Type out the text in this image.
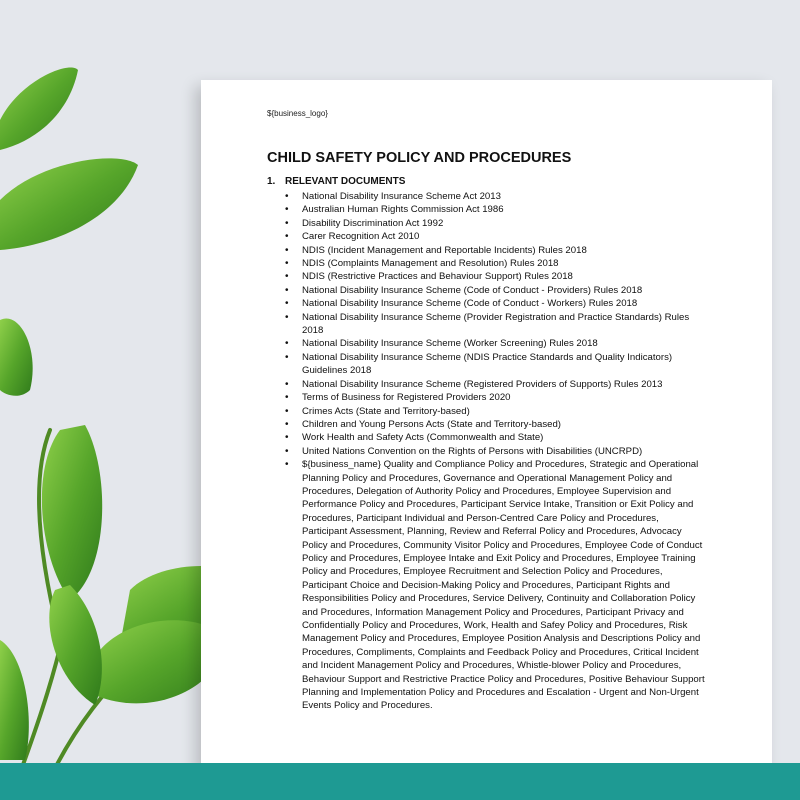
${business_logo}
CHILD SAFETY POLICY AND PROCEDURES
1. RELEVANT DOCUMENTS
• National Disability Insurance Scheme Act 2013
• Australian Human Rights Commission Act 1986
• Disability Discrimination Act 1992
• Carer Recognition Act 2010
• NDIS (Incident Management and Reportable Incidents) Rules 2018
• NDIS (Complaints Management and Resolution) Rules 2018
• NDIS (Restrictive Practices and Behaviour Support) Rules 2018
• National Disability Insurance Scheme (Code of Conduct - Providers) Rules 2018
• National Disability Insurance Scheme (Code of Conduct - Workers) Rules 2018
• National Disability Insurance Scheme (Provider Registration and Practice Standards) Rules 2018
• National Disability Insurance Scheme (Worker Screening) Rules 2018
• National Disability Insurance Scheme (NDIS Practice Standards and Quality Indicators) Guidelines 2018
• National Disability Insurance Scheme (Registered Providers of Supports) Rules 2013
• Terms of Business for Registered Providers 2020
• Crimes Acts (State and Territory-based)
• Children and Young Persons Acts (State and Territory-based)
• Work Health and Safety Acts (Commonwealth and State)
• United Nations Convention on the Rights of Persons with Disabilities (UNCRPD)
• ${business_name} Quality and Compliance Policy and Procedures, Strategic and Operational Planning Policy and Procedures, Governance and Operational Management Policy and Procedures, Delegation of Authority Policy and Procedures, Employee Supervision and Performance Policy and Procedures, Participant Service Intake, Transition or Exit Policy and Procedures, Participant Individual and Person-Centred Care Policy and Procedures, Participant Assessment, Planning, Review and Referral Policy and Procedures, Advocacy Policy and Procedures, Community Visitor Policy and Procedures, Employee Code of Conduct Policy and Procedures, Employee Intake and Exit Policy and Procedures, Employee Training Policy and Procedures, Employee Recruitment and Selection Policy and Procedures, Participant Choice and Decision-Making Policy and Procedures, Participant Rights and Responsibilities Policy and Procedures, Service Delivery, Continuity and Collaboration Policy and Procedures, Information Management Policy and Procedures, Participant Privacy and Confidentially Policy and Procedures, Work, Health and Safey Policy and Procedures, Risk Management Policy and Procedures, Employee Position Analysis and Descriptions Policy and Procedures, Compliments, Complaints and Feedback Policy and Procedures, Critical Incident and Incident Management Policy and Procedures, Whistle-blower Policy and Procedures, Behaviour Support and Restrictive Practice Policy and Procedures, Positive Behaviour Support Planning and Implementation Policy and Procedures and Escalation - Urgent and Non-Urgent Events Policy and Procedures.
